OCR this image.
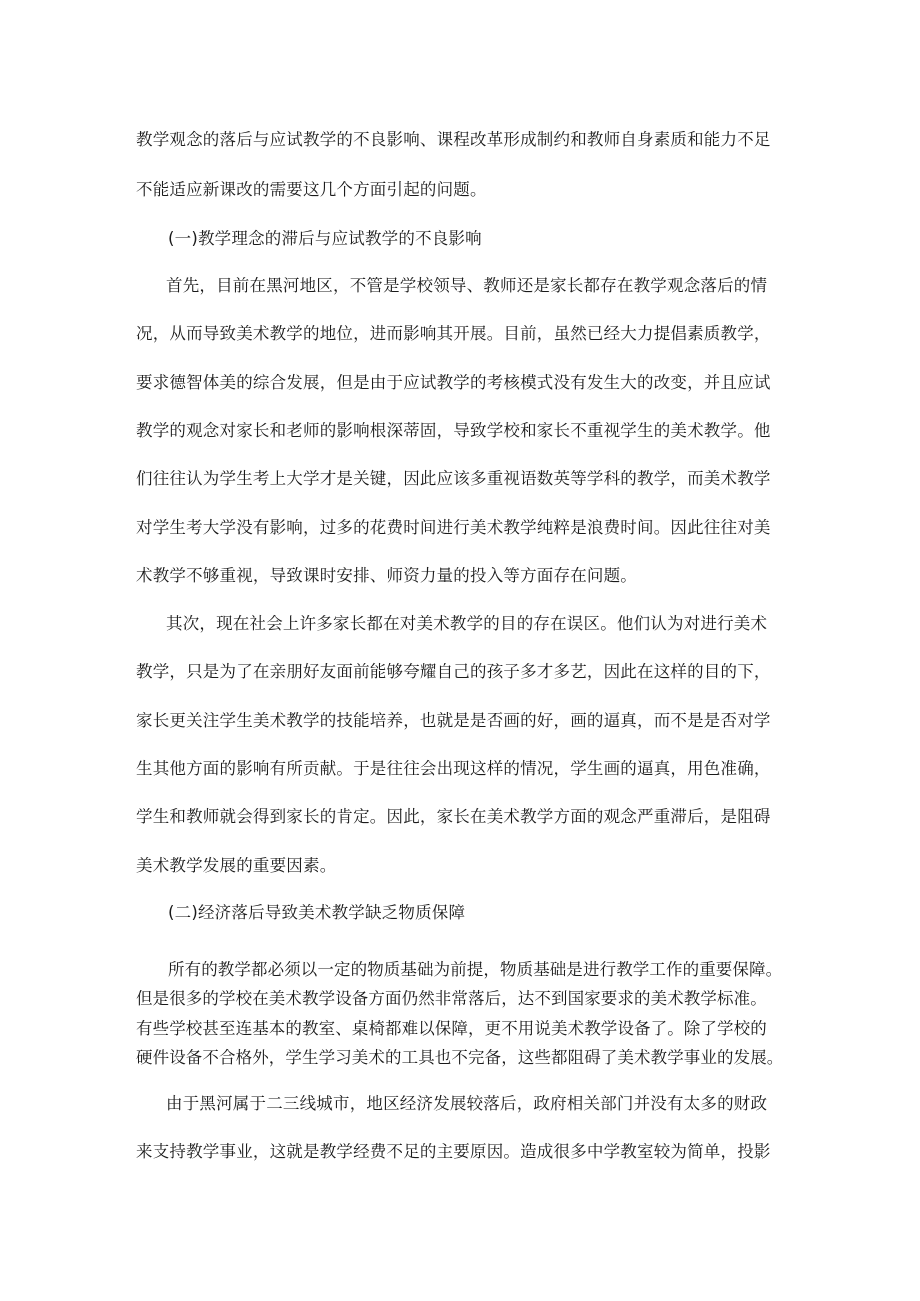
教学观念的落后与应试教学的不良影响、课程改革形成制约和教师自身素质和能力不足
不能适应新课改的需要这几个方面引起的问题。
(一)教学理念的滞后与应试教学的不良影响
首先，目前在黑河地区，不管是学校领导、教师还是家长都存在教学观念落后的情
况，从而导致美术教学的地位，进而影响其开展。目前，虽然已经大力提倡素质教学，
要求德智体美的综合发展，但是由于应试教学的考核模式没有发生大的改变，并且应试
教学的观念对家长和老师的影响根深蒂固，导致学校和家长不重视学生的美术教学。他
们往往认为学生考上大学才是关键，因此应该多重视语数英等学科的教学，而美术教学
对学生考大学没有影响，过多的花费时间进行美术教学纯粹是浪费时间。因此往往对美
术教学不够重视，导致课时安排、师资力量的投入等方面存在问题。
其次，现在社会上许多家长都在对美术教学的目的存在误区。他们认为对进行美术
教学，只是为了在亲朋好友面前能够夸耀自己的孩子多才多艺，因此在这样的目的下，
家长更关注学生美术教学的技能培养，也就是是否画的好，画的逼真，而不是是否对学
生其他方面的影响有所贡献。于是往往会出现这样的情况，学生画的逼真，用色准确，
学生和教师就会得到家长的肯定。因此，家长在美术教学方面的观念严重滞后，是阻碍
美术教学发展的重要因素。
(二)经济落后导致美术教学缺乏物质保障
所有的教学都必须以一定的物质基础为前提，物质基础是进行教学工作的重要保障。
但是很多的学校在美术教学设备方面仍然非常落后，达不到国家要求的美术教学标准。
有些学校甚至连基本的教室、桌椅都难以保障，更不用说美术教学设备了。除了学校的
硬件设备不合格外，学生学习美术的工具也不完备，这些都阻碍了美术教学事业的发展。
由于黑河属于二三线城市，地区经济发展较落后，政府相关部门并没有太多的财政
来支持教学事业，这就是教学经费不足的主要原因。造成很多中学教室较为简单，投影
